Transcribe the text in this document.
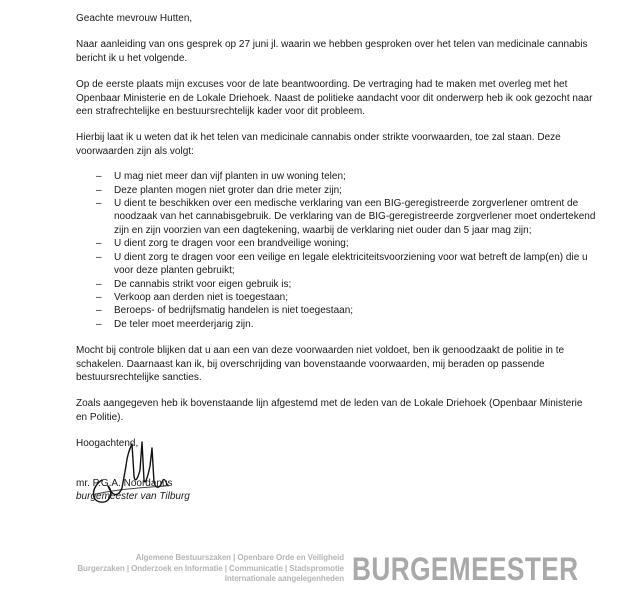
Geachte mevrouw Hutten,

Naar aanleiding van ons gesprek op 27 juni jl. waarin we hebben gesproken over het telen van medicinale cannabis bericht ik u het volgende.

Op de eerste plaats mijn excuses voor de late beantwoording. De vertraging had te maken met overleg met het Openbaar Ministerie en de Lokale Driehoek. Naast de politieke aandacht voor dit onderwerp heb ik ook gezocht naar een strafrechtelijke en bestuursrechtelijk kader voor dit probleem.

Hierbij laat ik u weten dat ik het telen van medicinale cannabis onder strikte voorwaarden, toe zal staan. Deze voorwaarden zijn als volgt:

– U mag niet meer dan vijf planten in uw woning telen;
– Deze planten mogen niet groter dan drie meter zijn;
– U dient te beschikken over een medische verklaring van een BIG-geregistreerde zorgverlener omtrent de noodzaak van het cannabisgebruik. De verklaring van de BIG-geregistreerde zorgverlener moet ondertekend zijn en zijn voorzien van een dagtekening, waarbij de verklaring niet ouder dan 5 jaar mag zijn;
– U dient zorg te dragen voor een brandveilige woning;
– U dient zorg te dragen voor een veilige en legale elektriciteitsvoorziening voor wat betreft de lamp(en) die u voor deze planten gebruikt;
– De cannabis strikt voor eigen gebruik is;
– Verkoop aan derden niet is toegestaan;
– Beroeps- of bedrijfsmatig handelen is niet toegestaan;
– De teler moet meerderjarig zijn.

Mocht bij controle blijken dat u aan een van deze voorwaarden niet voldoet, ben ik genoodzaakt de politie in te schakelen. Daarnaast kan ik, bij overschrijding van bovenstaande voorwaarden, mij beraden op passende bestuursrechtelijke sancties.

Zoals aangegeven heb ik bovenstaande lijn afgestemd met de leden van de Lokale Driehoek (Openbaar Ministerie en Politie).

Hoogachtend,

mr. P.G.A. Noordanus

burgemeester van Tilburg

Algemene Bestuurszaken | Openbare Orde en Veiligheid
Burgerzaken | Onderzoek en Informatie | Communicatie | Stadspromotie
Internationale aangelegenheden BURGEMEESTER
